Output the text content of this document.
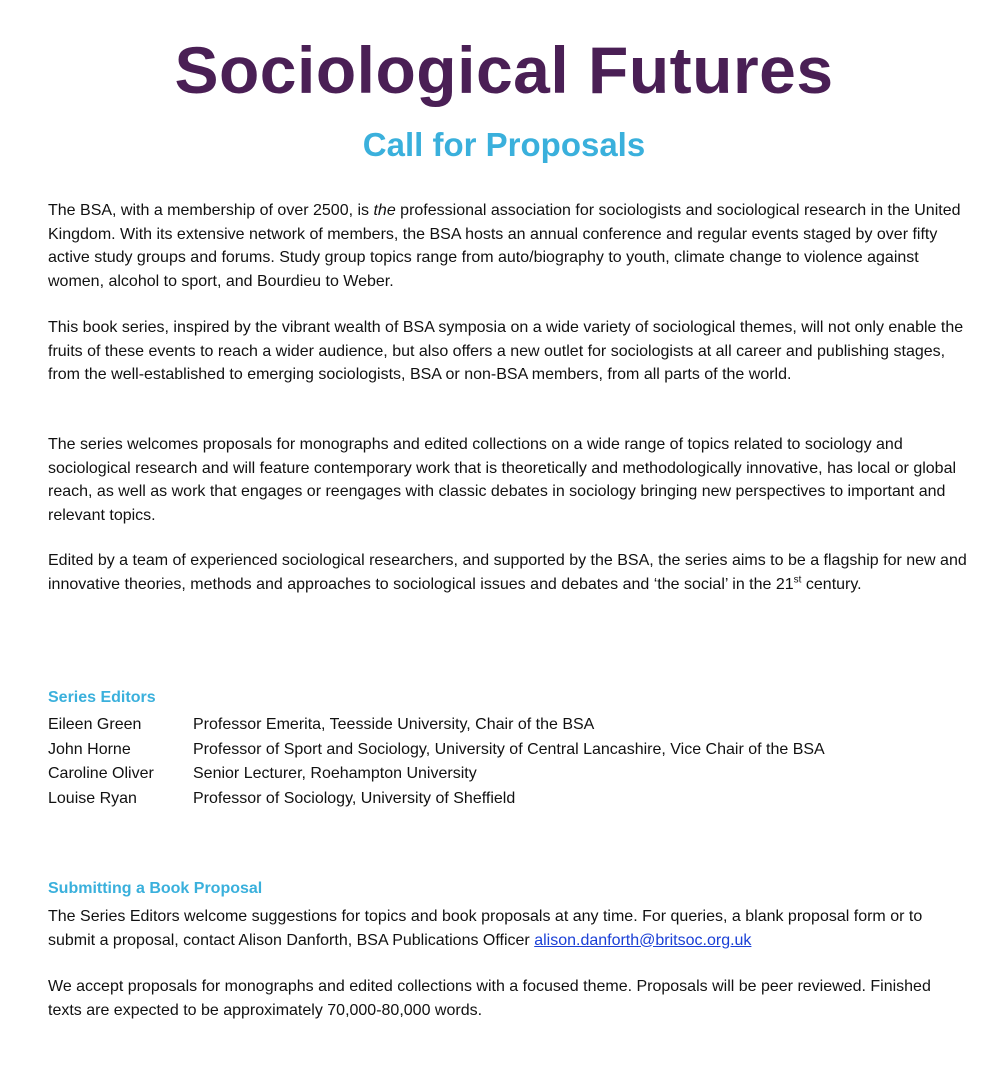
Sociological Futures
Call for Proposals

The BSA, with a membership of over 2500, is the professional association for sociologists and sociological research in the United Kingdom. With its extensive network of members, the BSA hosts an annual conference and regular events staged by over fifty active study groups and forums. Study group topics range from auto/biography to youth, climate change to violence against women, alcohol to sport, and Bourdieu to Weber.

This book series, inspired by the vibrant wealth of BSA symposia on a wide variety of sociological themes, will not only enable the fruits of these events to reach a wider audience, but also offers a new outlet for sociologists at all career and publishing stages, from the well-established to emerging sociologists, BSA or non-BSA members, from all parts of the world.

The series welcomes proposals for monographs and edited collections on a wide range of topics related to sociology and sociological research and will feature contemporary work that is theoretically and methodologically innovative, has local or global reach, as well as work that engages or reengages with classic debates in sociology bringing new perspectives to important and relevant topics.

Edited by a team of experienced sociological researchers, and supported by the BSA, the series aims to be a flagship for new and innovative theories, methods and approaches to sociological issues and debates and ‘the social’ in the 21st century.

Series Editors
Eileen Green	Professor Emerita, Teesside University, Chair of the BSA
John Horne	Professor of Sport and Sociology, University of Central Lancashire, Vice Chair of the BSA
Caroline Oliver	Senior Lecturer, Roehampton University
Louise Ryan	Professor of Sociology, University of Sheffield
Submitting a Book Proposal

The Series Editors welcome suggestions for topics and book proposals at any time. For queries, a blank proposal form or to submit a proposal, contact Alison Danforth, BSA Publications Officer alison.danforth@britsoc.org.uk

We accept proposals for monographs and edited collections with a focused theme. Proposals will be peer reviewed. Finished texts are expected to be approximately 70,000-80,000 words.
